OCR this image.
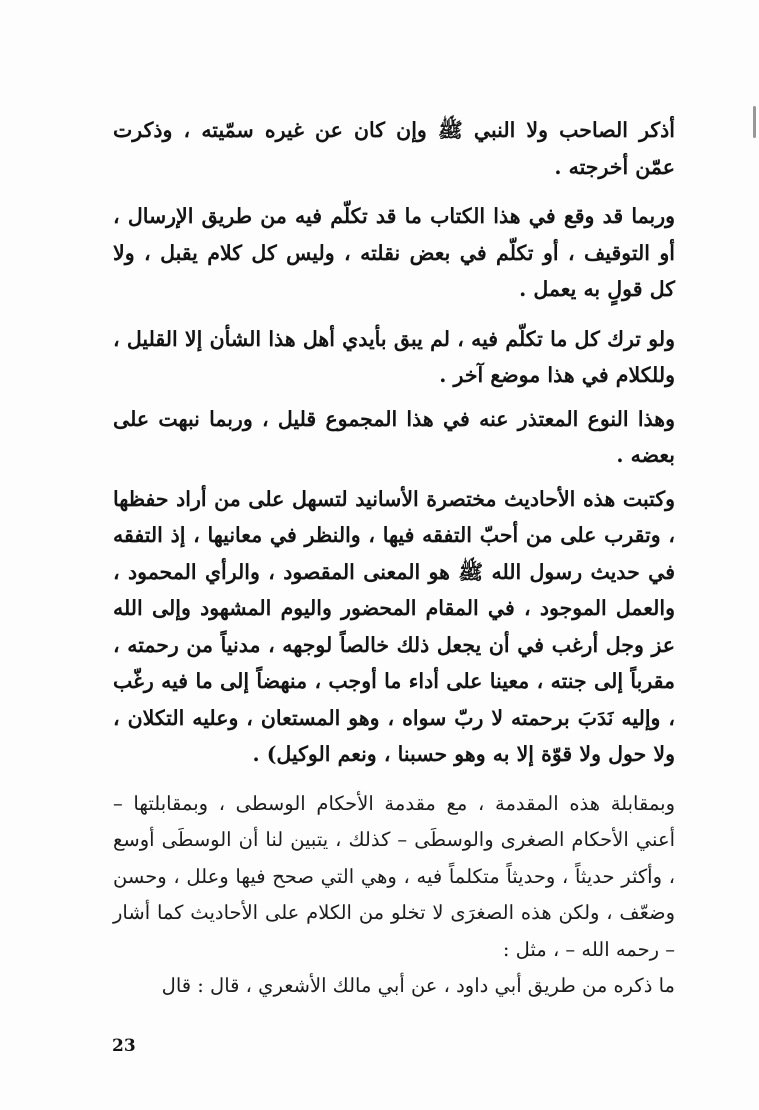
أذكر الصاحب ولا النبي ﷺ وإن كان عن غيره سمّيته ، وذكرت عمّن أخرجته .

وربما قد وقع في هذا الكتاب ما قد تكلّم فيه من طريق الإرسال ، أو التوقيف ، أو تكلّم في بعض نقلته ، وليس كل كلام يقبل ، ولا كل قولٍ به يعمل .

ولو ترك كل ما تكلّم فيه ، لم يبق بأيدي أهل هذا الشأن إلا القليل ، وللكلام في هذا موضع آخر .

وهذا النوع المعتذر عنه في هذا المجموع قليل ، وربما نبهت على بعضه .

وكتبت هذه الأحاديث مختصرة الأسانيد لتسهل على من أراد حفظها ، وتقرب على من أحبّ التفقه فيها ، والنظر في معانيها ، إذ التفقه في حديث رسول الله ﷺ هو المعنى المقصود ، والرأي المحمود ، والعمل الموجود ، في المقام المحضور واليوم المشهود وإلى الله عز وجل أرغب في أن يجعل ذلك خالصاً لوجهه ، مدنياً من رحمته ، مقرباً إلى جنته ، معينا على أداء ما أوجب ، منهضاً إلى ما فيه رغّب ، وإليه نَدَبَ برحمته لا ربّ سواه ، وهو المستعان ، وعليه التكلان ، ولا حول ولا قوّة إلا به وهو حسبنا ، ونعم الوكيل) .

وبمقابلة هذه المقدمة ، مع مقدمة الأحكام الوسطى ، وبمقابلتها – أعني الأحكام الصغرى والوسطَى – كذلك ، يتبين لنا أن الوسطَى أوسع ، وأكثر حديثاً ، وحديثاً متكلماً فيه ، وهي التي صحح فيها وعلل ، وحسن وضعّف ، ولكن هذه الصغرَى لا تخلو من الكلام على الأحاديث كما أشار – رحمه الله – ، مثل :

ما ذكره من طريق أبي داود ، عن أبي مالك الأشعري ، قال : قال

23
